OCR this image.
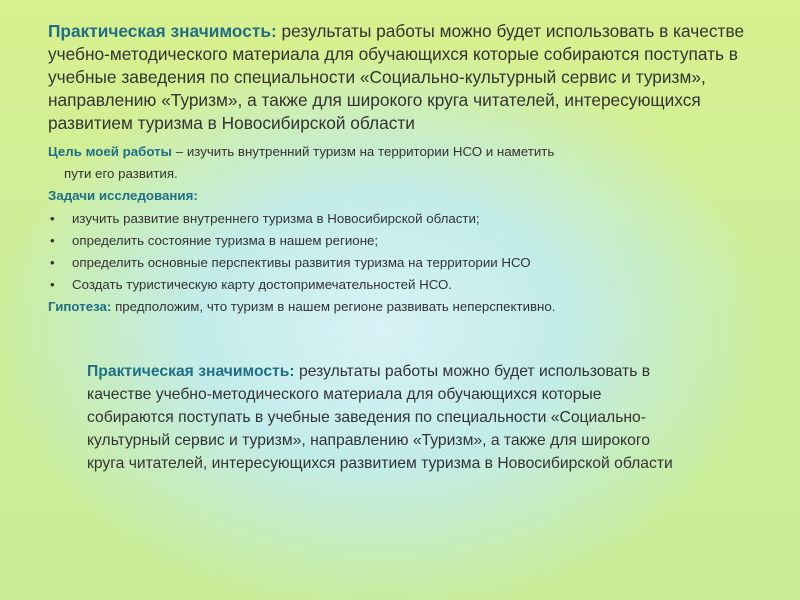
Практическая значимость: результаты работы можно будет использовать в качестве учебно-методического материала для обучающихся которые собираются поступать в учебные заведения по специальности «Социально-культурный сервис и туризм», направлению «Туризм», а также для широкого круга читателей, интересующихся развитием туризма в Новосибирской области

Цель моей работы – изучить внутренний туризм на территории НСО и наметить

пути его развития.

Задачи исследования:

• изучить развитие внутреннего туризма в Новосибирской области;
• определить состояние туризма в нашем регионе;
• определить основные перспективы развития туризма на территории НСО
• Создать туристическую карту достопримечательностей НСО.

Гипотеза: предположим, что туризм в нашем регионе развивать неперспективно.

Практическая значимость: результаты работы можно будет использовать в качестве учебно-методического материала для обучающихся которые собираются поступать в учебные заведения по специальности «Социально-культурный сервис и туризм», направлению «Туризм», а также для широкого круга читателей, интересующихся развитием туризма в Новосибирской области
